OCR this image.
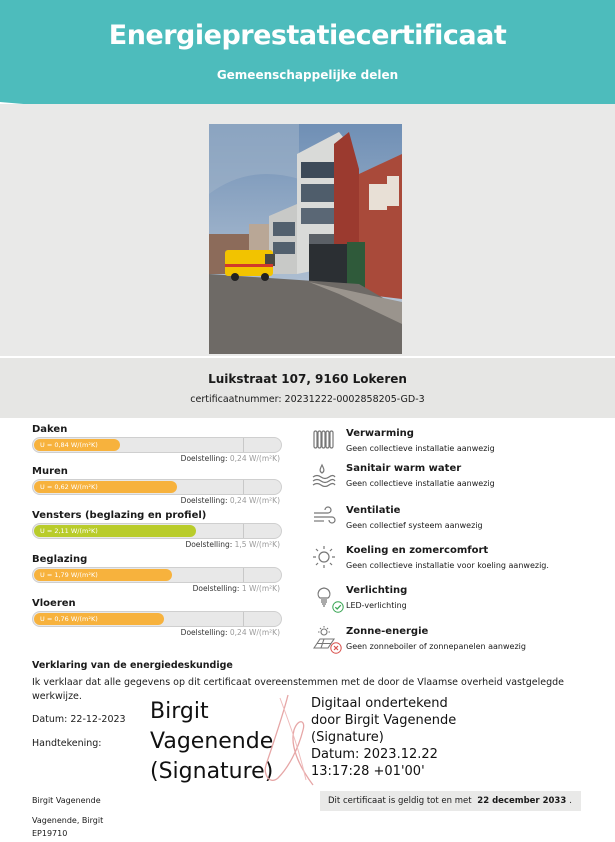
Energieprestatiecertificaat
Gemeenschappelijke delen
Luikstraat 107, 9160 Lokeren
certificaatnummer: 20231222-0002858205-GD-3
Daken
U = 0,84 W/(m²K)
Doelstelling: 0,24 W/(m²K)
Muren
U = 0,62 W/(m²K)
Doelstelling: 0,24 W/(m²K)
Vensters (beglazing en profiel)
U = 2,11 W/(m²K)
Doelstelling: 1,5 W/(m²K)
Beglazing
U = 1,79 W/(m²K)
Doelstelling: 1 W/(m²K)
Vloeren
U = 0,76 W/(m²K)
Doelstelling: 0,24 W/(m²K)
Verwarming
Geen collectieve installatie aanwezig
Sanitair warm water
Geen collectieve installatie aanwezig
Ventilatie
Geen collectief systeem aanwezig
Koeling en zomercomfort
Geen collectieve installatie voor koeling aanwezig.
Verlichting
LED-verlichting
Zonne-energie
Geen zonneboiler of zonnepanelen aanwezig
Verklaring van de energiedeskundige
Ik verklaar dat alle gegevens op dit certificaat overeenstemmen met de door de Vlaamse overheid vastgelegde werkwijze.
Datum: 22-12-2023
Handtekening:
Birgit
Vagenende
(Signature)
Digitaal ondertekend
door Birgit Vagenende
(Signature)
Datum: 2023.12.22
13:17:28 +01'00'
Dit certificaat is geldig tot en met 22 december 2033 .
Birgit Vagenende
Vagenende, Birgit
EP19710
